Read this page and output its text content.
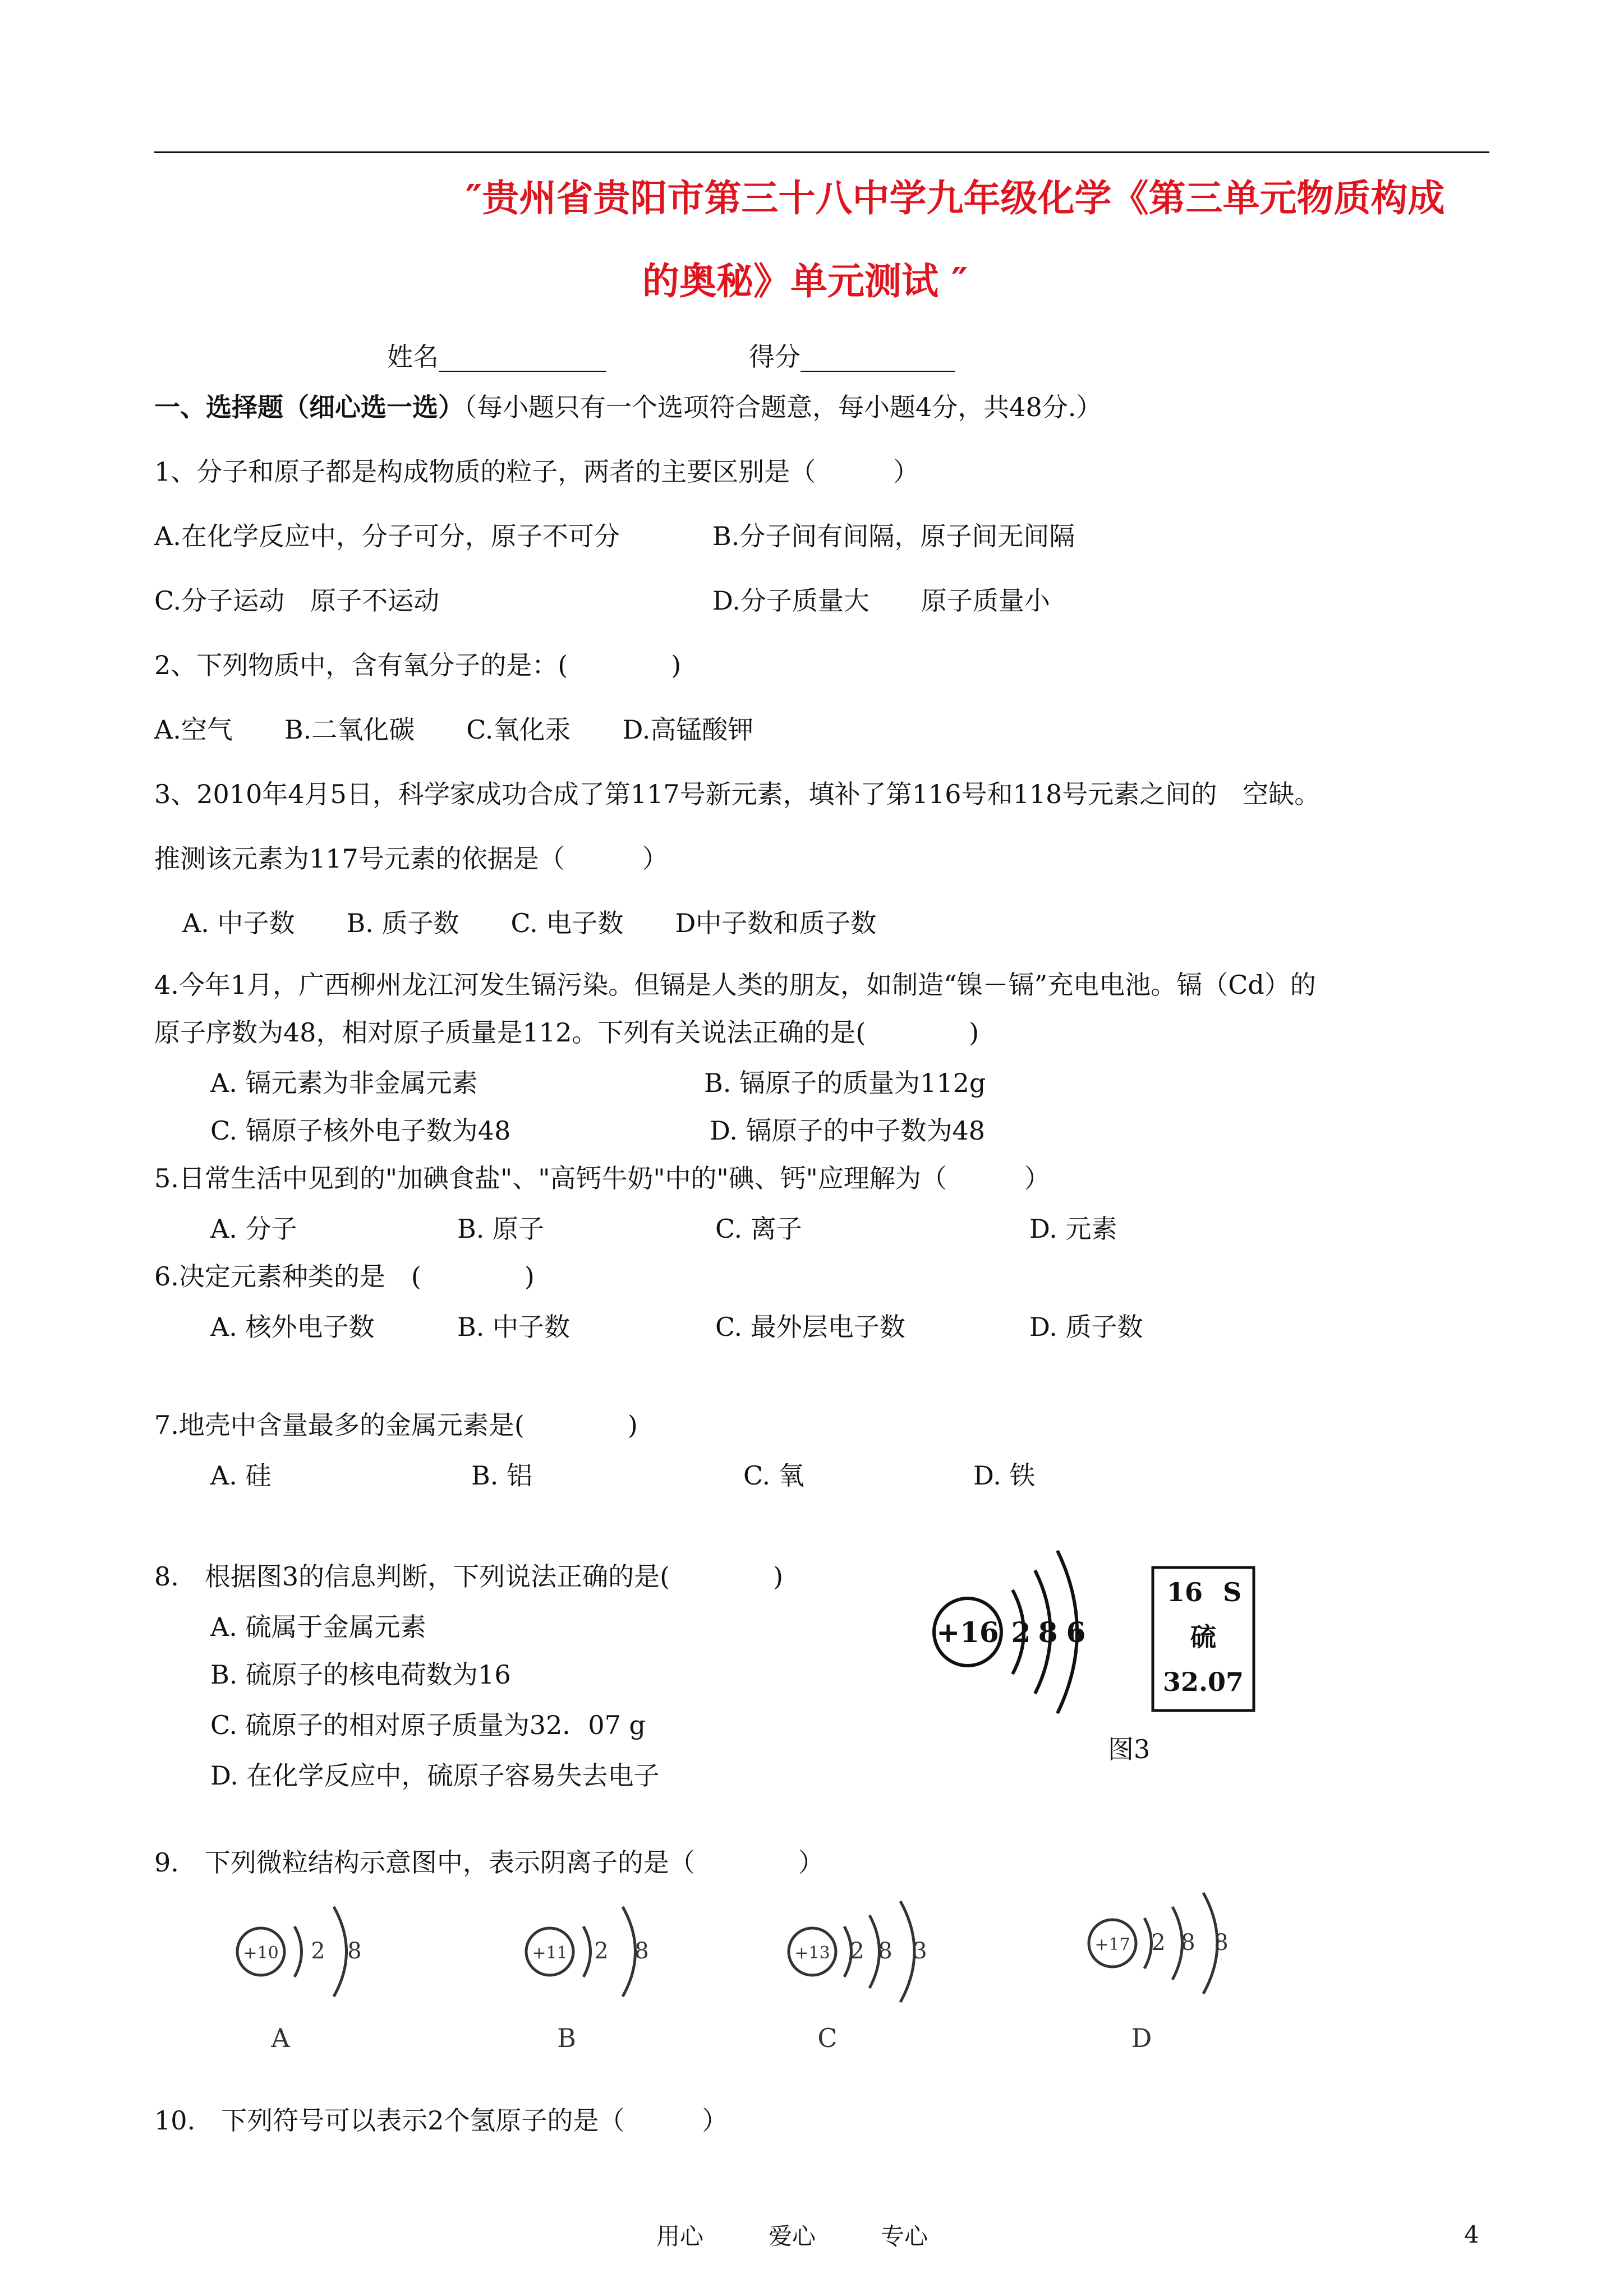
″贵州省贵阳市第三十八中学九年级化学《第三单元物质构成
的奥秘》单元测试 ″
姓名_____________	得分____________
一、选择题（细心选一选）（每小题只有一个选项符合题意，每小题4分，共48分.）
1、分子和原子都是构成物质的粒子，两者的主要区别是（　　　）
A.在化学反应中，分子可分，原子不可分	B.分子间有间隔，原子间无间隔
C.分子运动　原子不运动	D.分子质量大　　原子质量小
2、下列物质中，含有氧分子的是：(　　　　)
A.空气　　B.二氧化碳　　C.氧化汞　　D.高锰酸钾
3、2010年4月5日，科学家成功合成了第117号新元素，填补了第116号和118号元素之间的　空缺。
推测该元素为117号元素的依据是（　　　）
A. 中子数　　B. 质子数　　C. 电子数　　D中子数和质子数
4.今年1月，广西柳州龙江河发生镉污染。但镉是人类的朋友，如制造“镍－镉”充电电池。镉（Cd）的
原子序数为48，相对原子质量是112。下列有关说法正确的是(　　　　)
A. 镉元素为非金属元素	B. 镉原子的质量为112g
C. 镉原子核外电子数为48	D. 镉原子的中子数为48
5.日常生活中见到的"加碘食盐"、"高钙牛奶"中的"碘、钙"应理解为（　　　）
A. 分子	B. 原子	C. 离子	D. 元素
6.决定元素种类的是　(　　　　)
A. 核外电子数	B. 中子数	C. 最外层电子数	D. 质子数
7.地壳中含量最多的金属元素是(　　　　)
A. 硅	B. 铝	C. 氧	D. 铁
8.　根据图3的信息判断，下列说法正确的是(　　　　)
A. 硫属于金属元素
B. 硫原子的核电荷数为16
C. 硫原子的相对原子质量为32．07 g
D. 在化学反应中，硫原子容易失去电子
+16 2 8 6
16 S
硫
32.07
图3
9.　下列微粒结构示意图中，表示阴离子的是（　　　　）
+10 2 8
A
+11 2 8
B
+13 2 8 3
C
+17 2 8 8
D
10.　下列符号可以表示2个氢原子的是（　　　）
用心	爱心	专心	4
